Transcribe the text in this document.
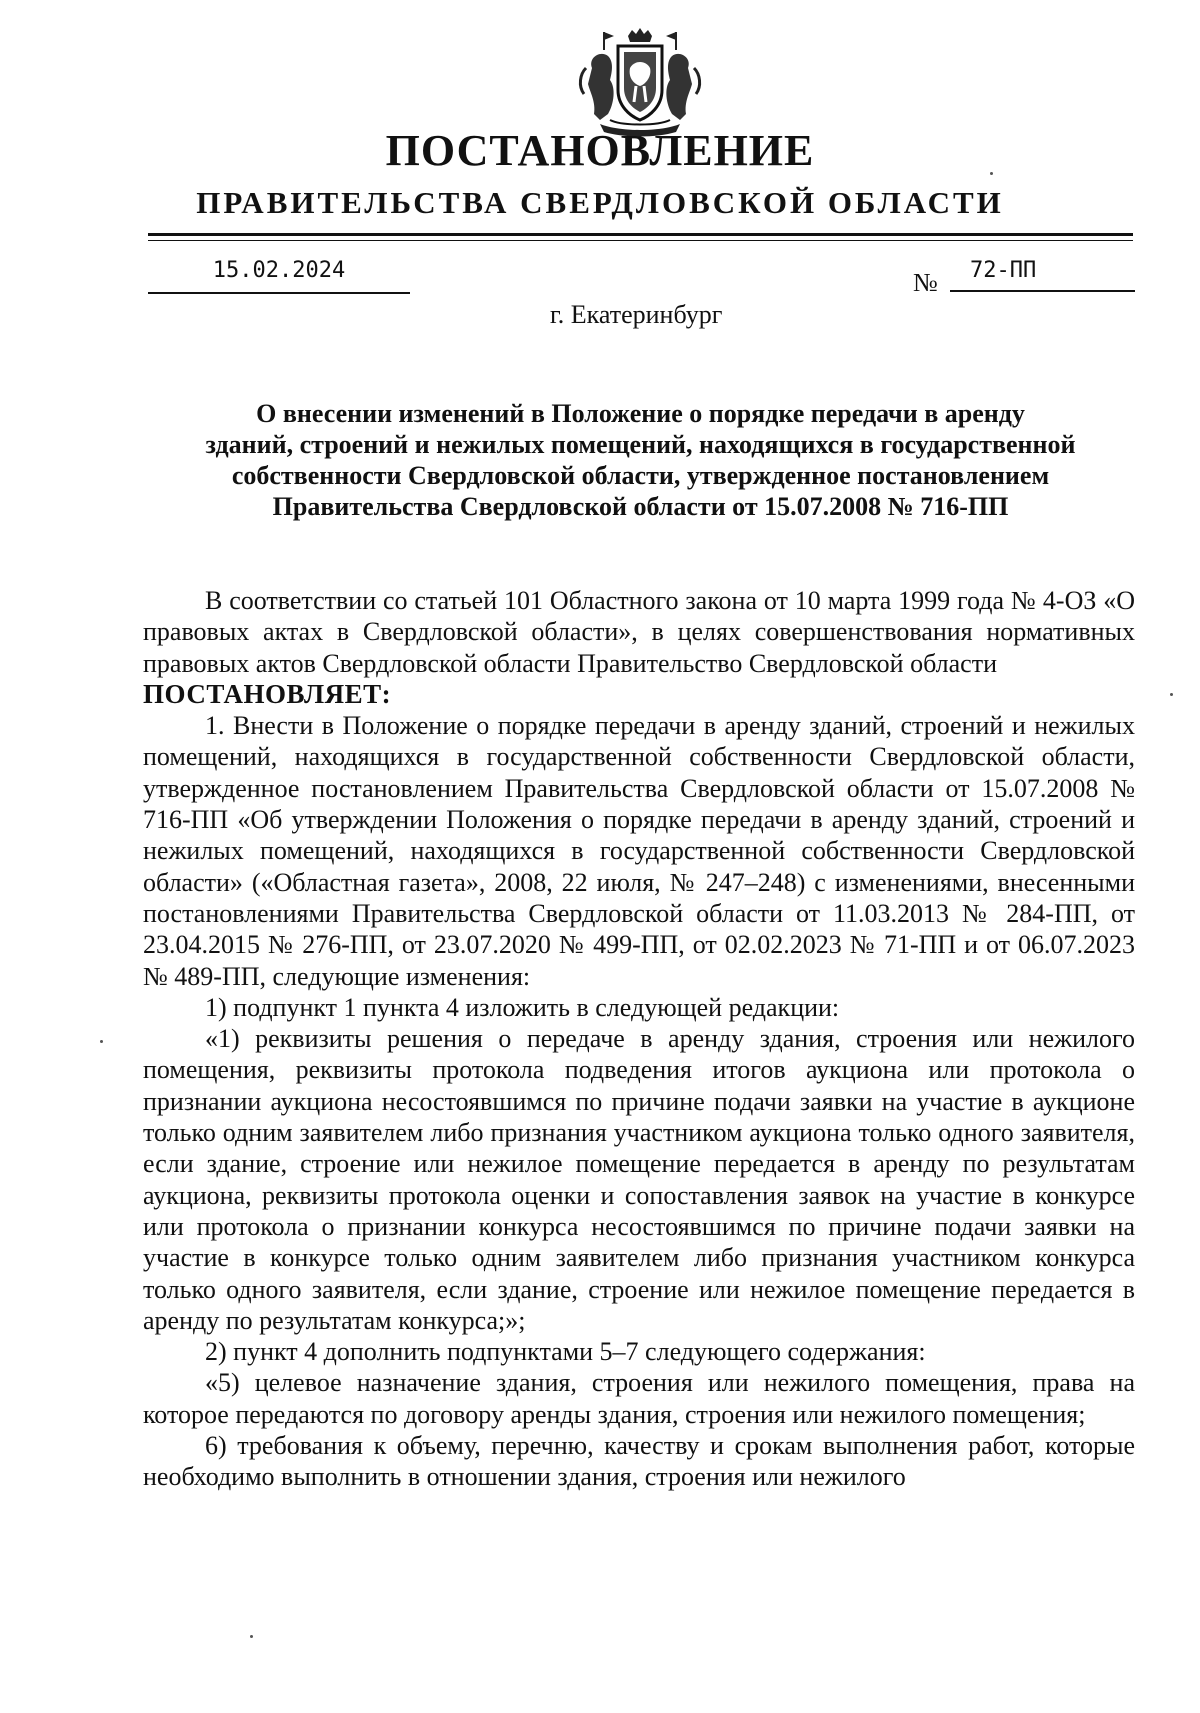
ПОСТАНОВЛЕНИЕ
ПРАВИТЕЛЬСТВА СВЕРДЛОВСКОЙ ОБЛАСТИ
15.02.2024	№	72-ПП
г. Екатеринбург
О внесении изменений в Положение о порядке передачи в аренду
зданий, строений и нежилых помещений, находящихся в государственной
собственности Свердловской области, утвержденное постановлением
Правительства Свердловской области от 15.07.2008 № 716-ПП

В соответствии со статьей 101 Областного закона от 10 марта 1999 года № 4-ОЗ «О правовых актах в Свердловской области», в целях совершенствования нормативных правовых актов Свердловской области Правительство Свердловской области

ПОСТАНОВЛЯЕТ:

1. Внести в Положение о порядке передачи в аренду зданий, строений и нежилых помещений, находящихся в государственной собственности Свердловской области, утвержденное постановлением Правительства Свердловской области от 15.07.2008 № 716-ПП «Об утверждении Положения о порядке передачи в аренду зданий, строений и нежилых помещений, находящихся в государственной собственности Свердловской области» («Областная газета», 2008, 22 июля, № 247–248) с изменениями, внесенными постановлениями Правительства Свердловской области от 11.03.2013 № 284-ПП, от 23.04.2015 № 276-ПП, от 23.07.2020 № 499-ПП, от 02.02.2023 № 71-ПП и от 06.07.2023 № 489-ПП, следующие изменения:

1) подпункт 1 пункта 4 изложить в следующей редакции:

«1) реквизиты решения о передаче в аренду здания, строения или нежилого помещения, реквизиты протокола подведения итогов аукциона или протокола о признании аукциона несостоявшимся по причине подачи заявки на участие в аукционе только одним заявителем либо признания участником аукциона только одного заявителя, если здание, строение или нежилое помещение передается в аренду по результатам аукциона, реквизиты протокола оценки и сопоставления заявок на участие в конкурсе или протокола о признании конкурса несостоявшимся по причине подачи заявки на участие в конкурсе только одним заявителем либо признания участником конкурса только одного заявителя, если здание, строение или нежилое помещение передается в аренду по результатам конкурса;»;

2) пункт 4 дополнить подпунктами 5–7 следующего содержания:

«5) целевое назначение здания, строения или нежилого помещения, права на которое передаются по договору аренды здания, строения или нежилого помещения;

6) требования к объему, перечню, качеству и срокам выполнения работ, которые необходимо выполнить в отношении здания, строения или нежилого
